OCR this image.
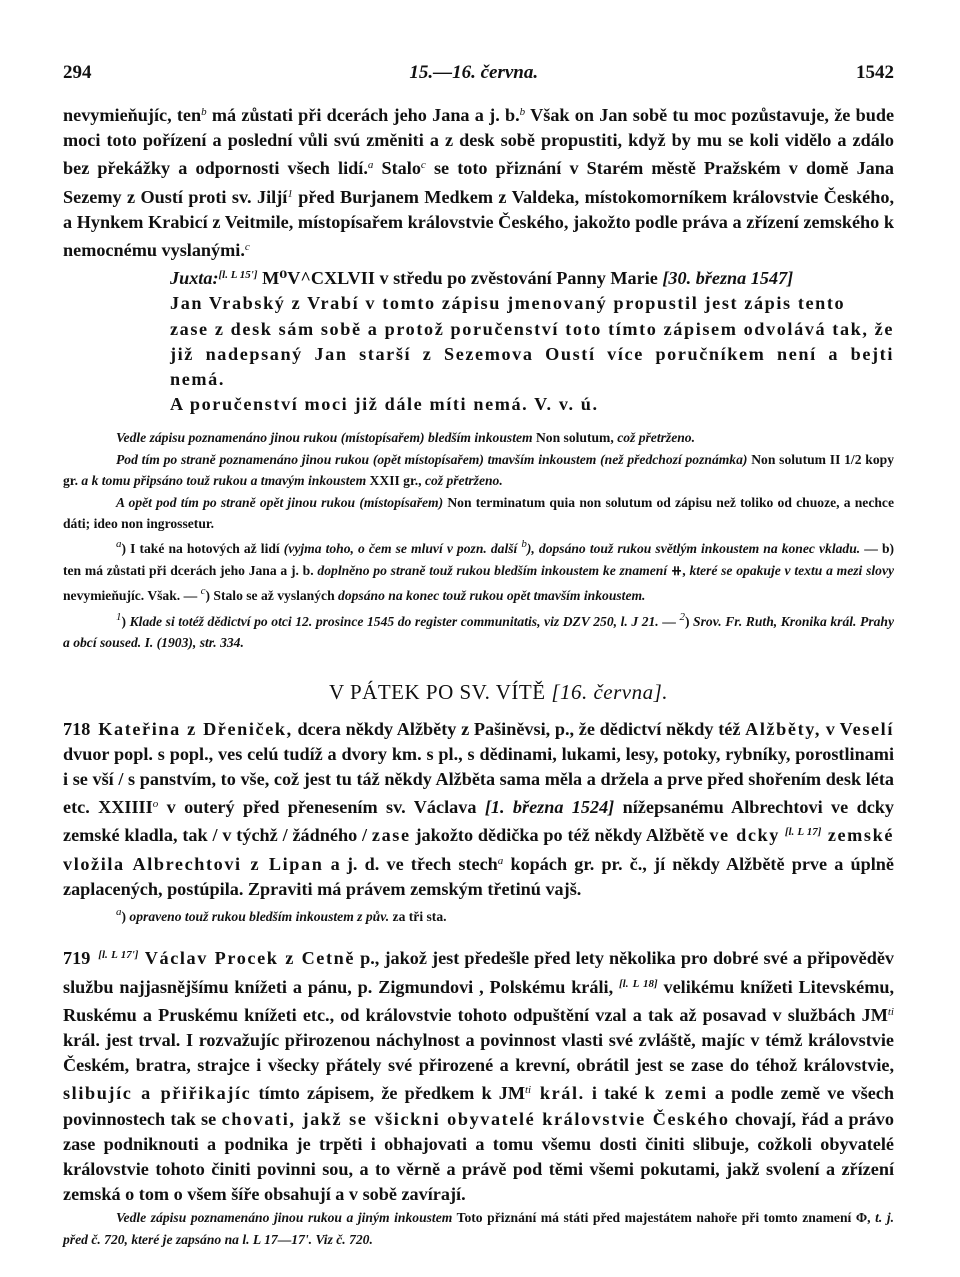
294	15.—16. června.	1542

nevymieňujíc, ten$^b$ má zůstati při dcerách jeho Jana a j. b.$^b$ Však on Jan sobě tu moc pozůstavuje, že bude moci toto pořízení a poslední vůli svú změniti a z desk sobě propustiti, když by mu se koli vidělo a zdálo bez překážky a odpornosti všech lidí.$^a$ Stalo$^c$ se toto přiznání v Starém městě Pražském v domě Jana Sezemy z Oustí proti sv. Jiljí$^1$ před Burjanem Medkem z Valdeka, místokomorníkem královstvie Českého, a Hynkem Krabicí z Veitmile, místopísařem královstvie Českého, jakožto podle práva a zřízení zemského k nemocnému vyslanými.$^c$

Juxta:[l. L 15'] M⁰V^CXLVII v středu po zvěstování Panny Marie [30. března 1547]

Jan Vrabský z Vrabí v tomto zápisu jmenovaný propustil jest zápis tento

zase z desk sám sobě a protož poručenství toto tímto zápisem odvolává tak, že

již nadepsaný Jan starší z Sezemova Oustí více poručníkem není a bejti nemá.

A poručenství moci již dále míti nemá. V. v. ú.

Vedle zápisu poznamenáno jinou rukou (místopísařem) bledším inkoustem Non solutum, což přetrženo.

Pod tím po straně poznamenáno jinou rukou (opět místopísařem) tmavším inkoustem (než předchozí poznámka) Non solutum II 1/2 kopy gr. a k tomu připsáno touž rukou a tmavým inkoustem XXII gr., což přetrženo.

A opět pod tím po straně opět jinou rukou (místopísařem) Non terminatum quia non solutum od zápisu než toliko od chuoze, a nechce dáti; ideo non ingrossetur.

$^a$) I také na hotových až lidí (vyjma toho, o čem se mluví v pozn. další $^b$), dopsáno touž rukou světlým inkoustem na konec vkladu. — b) ten má zůstati při dcerách jeho Jana a j. b. doplněno po straně touž rukou bledším inkoustem ke znamení ⧺, které se opakuje v textu a mezi slovy nevymieňujíc. Však. — $^c$) Stalo se až vyslaných dopsáno na konec touž rukou opět tmavším inkoustem.

$^1$) Klade si totéž dědictví po otci 12. prosince 1545 do register communitatis, viz DZV 250, l. J 21. — $^2$) Srov. Fr. Ruth, Kronika král. Prahy a obcí soused. I. (1903), str. 334.

V PÁTEK PO SV. VÍTĚ [16. června].

718 Kateřina z Dřeniček, dcera někdy Alžběty z Pašiněvsi, p., že dědictví někdy též Alžběty, v Veselí dvuor popl. s popl., ves celú tudíž a dvory km. s pl., s dědinami, lukami, lesy, potoky, rybníky, porostlinami i se vší / s panstvím, to vše, což jest tu táž někdy Alžběta sama měla a držela a prve před shořením desk léta etc. XXIIII$^o$ v outerý před přenesením sv. Václava [1. března 1524] nížepsanému Albrechtovi ve dcky zemské kladla, tak / v týchž / žádného / zase jakožto dědička po též někdy Alžbětě ve dcky [l. L 17] zemské vložila Albrechtovi z Lipan a j. d. ve třech stech$^a$ kopách gr. pr. č., jí někdy Alžbětě prve a úplně zaplacených, postúpila. Zpraviti má právem zemským třetinú vajš.

$^a$) opraveno touž rukou bledším inkoustem z pův. za tři sta.

719 [l. L 17'] Václav Procek z Cetně p., jakož jest předešle před lety několika pro dobré své a připověděv službu najjasnějšímu knížeti a pánu, p. Zigmundovi , Polskému králi, [l. L 18] velikému knížeti Litevskému, Ruskému a Pruskému knížeti etc., od královstvie tohoto odpuštění vzal a tak až posavad v službách $JM^{ti}$ král. jest trval. I rozvažujíc přirozenou náchylnost a povinnost vlasti své zvláště, majíc v témž královstvie Českém, bratra, strajce i všecky přátely své přirozené a krevní, obrátil jest se zase do téhož královstvie, slibujíc a přiřikajíc tímto zápisem, že předkem k $JM^{ti}$ král. i také k zemi a podle země ve všech povinnostech tak se chovati, jakž se všickni obyvatelé královstvie Českého chovají, řád a právo zase podniknouti a podnika je trpěti i obhajovati a tomu všemu dosti činiti slibuje, cožkoli obyvatelé královstvie tohoto činiti povinni sou, a to věrně a právě pod těmi všemi pokutami, jakž svolení a zřízení zemská o tom o všem šíře obsahují a v sobě zavírají.

Vedle zápisu poznamenáno jinou rukou a jiným inkoustem Toto přiznání má státi před majestátem nahoře při tomto znamení Φ, t. j. před č. 720, které je zapsáno na l. L 17—17'. Viz č. 720.
